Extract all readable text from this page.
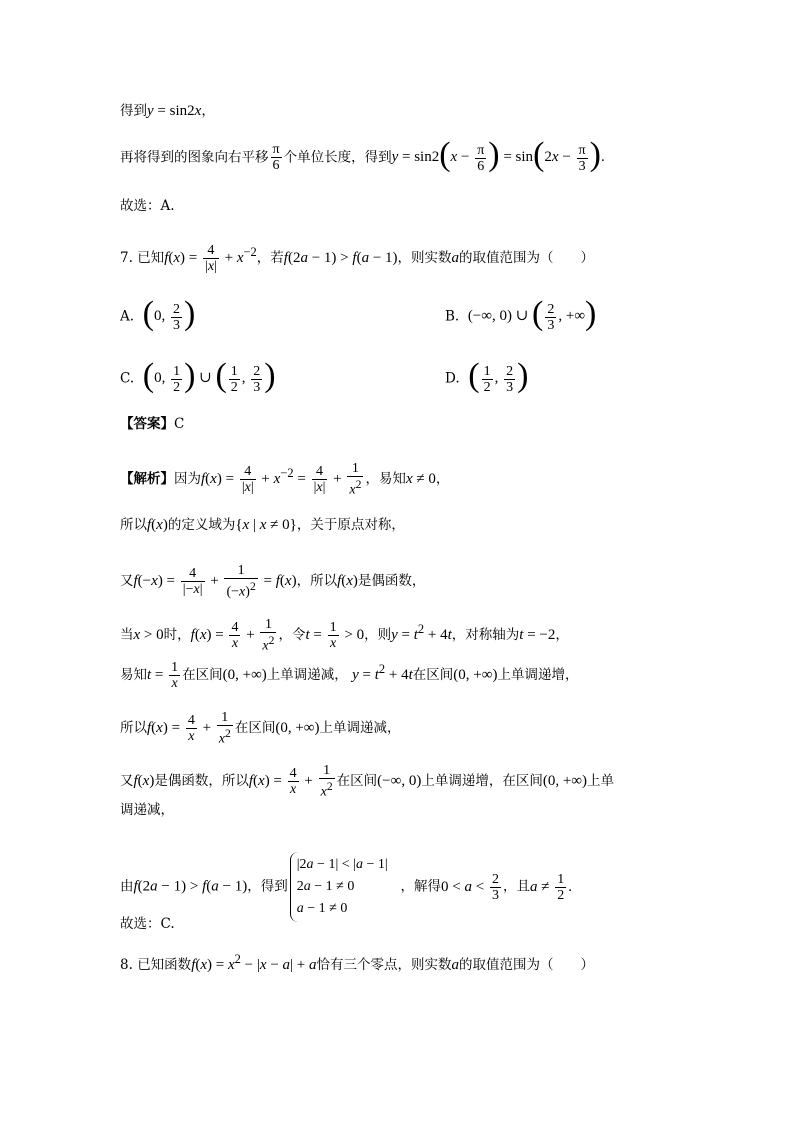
得到y = sin2x，
再将得到的图象向右平移 $\frac{\pi}{6}$ 个单位长度，得到$y = \sin 2(x - \frac{\pi}{6}$ ) = $\sin(2x - \frac{\pi}{3}$ ).
故选：A.
7. 已知$f(x) = \frac{4}{|x|} + x^{-2}$，若f(2a − 1) > f(a − 1)，则实数a的取值范围为（　　）
A. (0, $\frac{2}{3}$ )	B. (−∞, 0) ∪ ( $\frac{2}{3}$ , +∞)
C. (0, $\frac{1}{2}$ ) ∪ ( $\frac{1}{2}$ , $\frac{2}{3}$ )	D. ( $\frac{1}{2}$ , $\frac{2}{3}$ )
【答案】C
【解析】因为$f(x) = \frac{4}{|x|} + x^{-2} = \frac{4}{|x|} + \frac{1}{x^2}$ ，易知x ≠ 0，
所以f(x)的定义域为{x | x ≠ 0}，关于原点对称，
又$f(-x) = \frac{4}{|-x|} + \frac{1}{(-x)^2} = f(x)$，所以f(x)是偶函数，
当x > 0时，$f(x) = \frac{4}{x} + \frac{1}{x^2}$ ，令$t = \frac{1}{x} > 0$，则$y = t^2 + 4t$，对称轴为t = −2，
易知$t = \frac{1}{x}$ 在区间(0, +∞)上单调递减， $y = t^2 + 4t$在区间(0, +∞)上单调递增，
所以$f(x) = \frac{4}{x} + \frac{1}{x^2}$ 在区间(0, +∞)上单调递减，
又f(x)是偶函数，所以$f(x) = \frac{4}{x} + \frac{1}{x^2}$ 在区间(−∞, 0)上单调递增，在区间(0, +∞)上单
调递减，
由f(2a − 1) > f(a − 1)，得到
|2a − 1| < |a − 1|
2a − 1 ≠ 0
a − 1 ≠ 0
，解得$0 < a < \frac{2}{3}$ ，且$a \ne \frac{1}{2}$ .
故选：C.
8. 已知函数$f(x) = x^2 - |x - a| + a$恰有三个零点，则实数a的取值范围为（　　）
